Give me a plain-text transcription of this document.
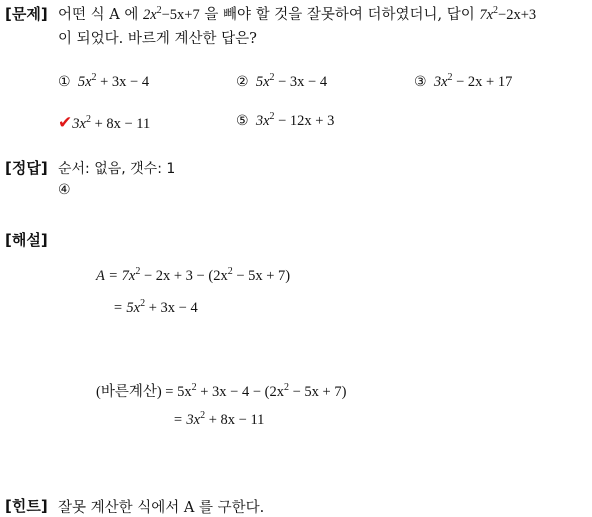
[문제]
[정답]
[해설]
[힌트]
어떤 식 A 에 $2x^2-5x+7$ 을 빼야 할 것을 잘못하여 더하였더니, 답이 $7x^2-2x+3$
이 되었다. 바르게 계산한 답은?
① $5x^2 + 3x - 4$	② $5x^2 - 3x - 4$	③ $3x^2 - 2x + 17$
$✔3x^2 + 8x - 11$	⑤ $3x^2 - 12x + 3$
순서: 없음, 갯수: 1
④
$A = 7x^2 - 2x + 3 - (2x^2 - 5x + 7)$
= $5x^2 + 3x - 4$
(바른계산) = $5x^2 + 3x - 4 - (2x^2 - 5x + 7)$
= $3x^2 + 8x - 11$
잘못 계산한 식에서 A 를 구한다.
